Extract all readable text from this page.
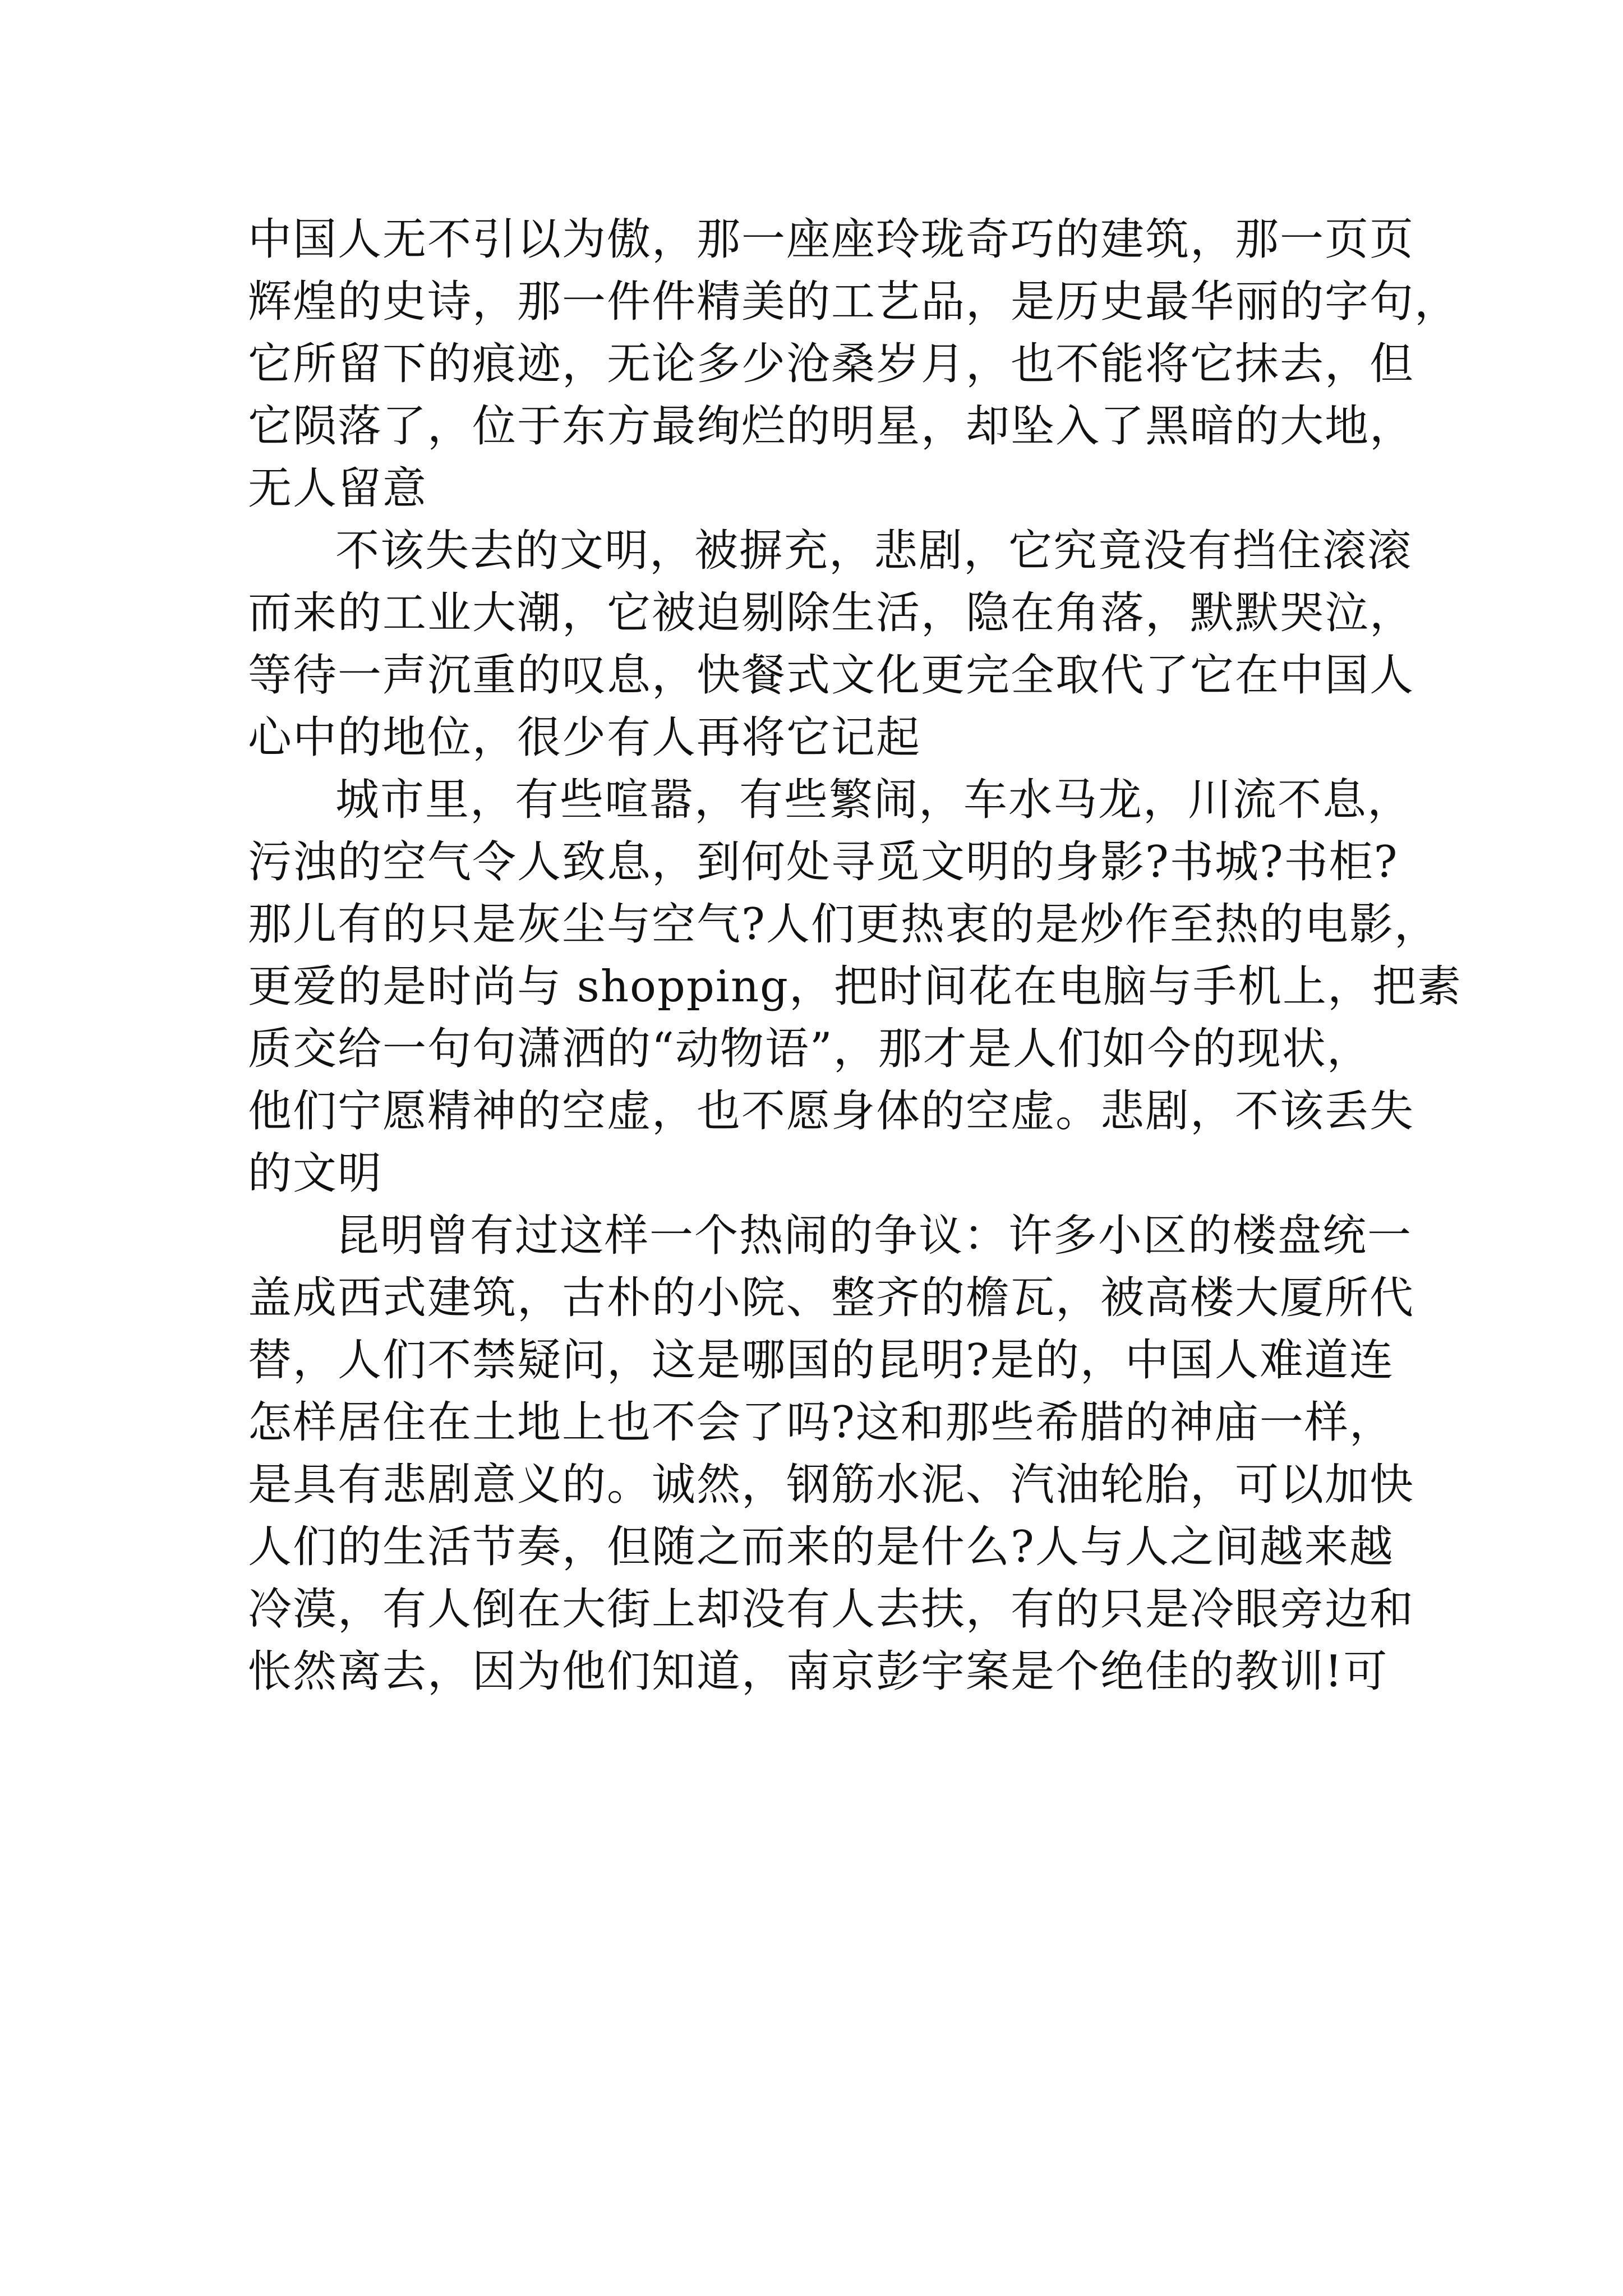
中国人无不引以为傲，那一座座玲珑奇巧的建筑，那一页页
辉煌的史诗，那一件件精美的工艺品，是历史最华丽的字句，
它所留下的痕迹，无论多少沧桑岁月，也不能将它抹去，但
它陨落了，位于东方最绚烂的明星，却坠入了黑暗的大地，
无人留意

不该失去的文明，被摒充，悲剧，它究竟没有挡住滚滚
而来的工业大潮，它被迫剔除生活，隐在角落，默默哭泣，
等待一声沉重的叹息，快餐式文化更完全取代了它在中国人
心中的地位，很少有人再将它记起

城市里，有些喧嚣，有些繁闹，车水马龙，川流不息，
污浊的空气令人致息，到何处寻觅文明的身影?书城?书柜?
那儿有的只是灰尘与空气?人们更热衷的是炒作至热的电影，
更爱的是时尚与 shopping，把时间花在电脑与手机上，把素
质交给一句句潇洒的“动物语”，那才是人们如今的现状，
他们宁愿精神的空虚，也不愿身体的空虚。悲剧，不该丢失
的文明

昆明曾有过这样一个热闹的争议：许多小区的楼盘统一
盖成西式建筑，古朴的小院、整齐的檐瓦，被高楼大厦所代
替，人们不禁疑问，这是哪国的昆明?是的，中国人难道连
怎样居住在土地上也不会了吗?这和那些希腊的神庙一样，
是具有悲剧意义的。诚然，钢筋水泥、汽油轮胎，可以加快
人们的生活节奏，但随之而来的是什么?人与人之间越来越
冷漠，有人倒在大街上却没有人去扶，有的只是冷眼旁边和
怅然离去，因为他们知道，南京彭宇案是个绝佳的教训!可
